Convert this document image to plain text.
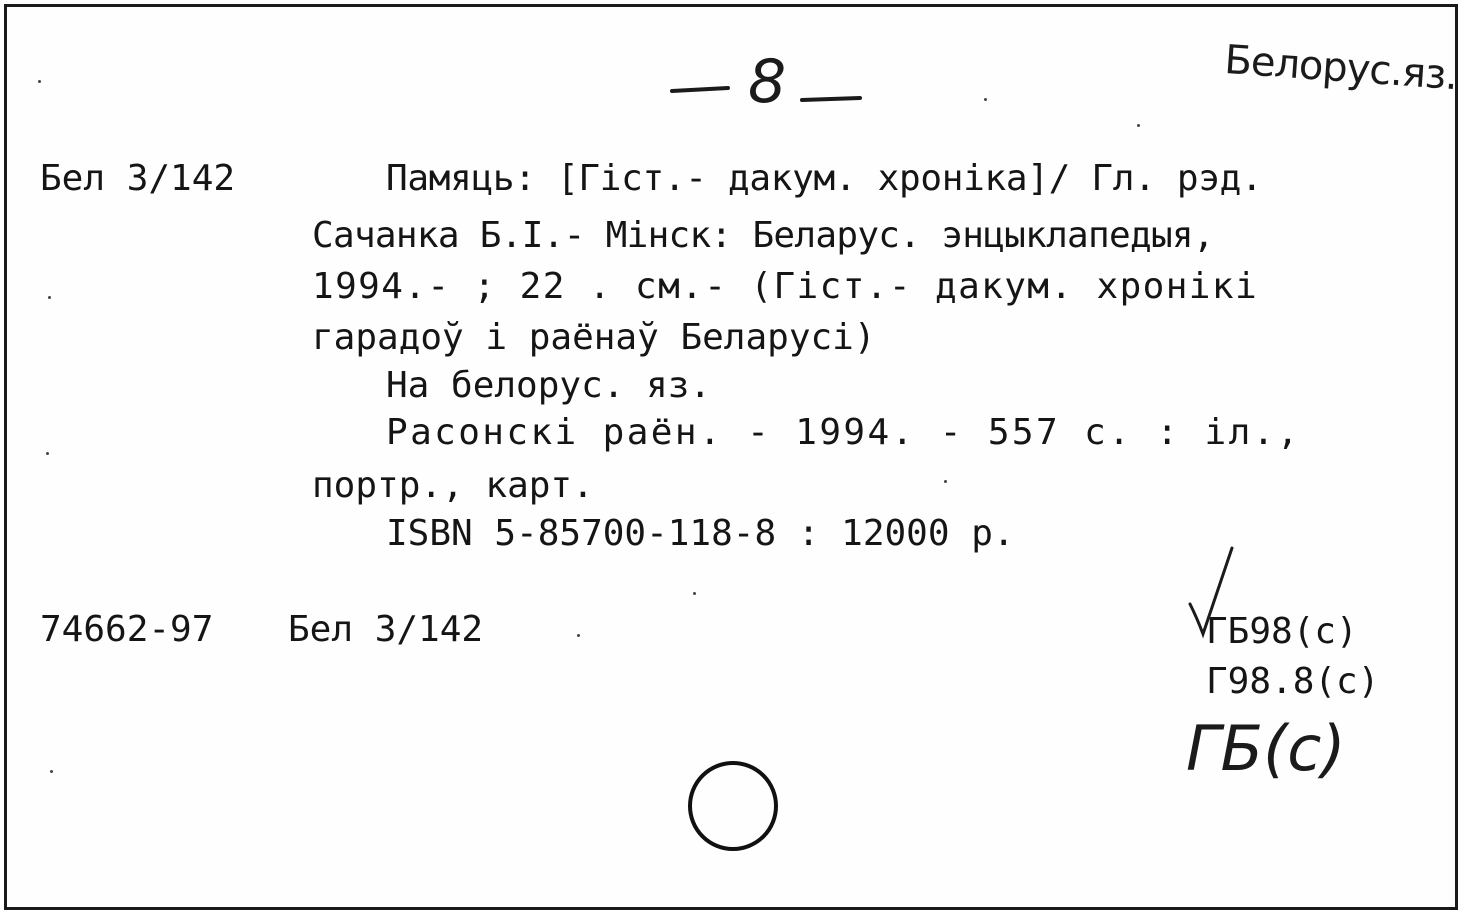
8	Белорус.яз.
Бел 3/142	Памяць: [Гіст.- дакум. хроніка]/ Гл. рэд.
Сачанка Б.І.- Мінск: Беларус. энцыклапедыя,
1994.- ; 22 . см.- (Гіст.- дакум. хронікі
гарадоў і раёнаў Беларусі)
На белорус. яз.
Расонскі раён. - 1994. - 557 с. : іл.,
портр., карт.
ISBN 5-85700-118-8 : 12000 р.
74662-97 Бел 3/142	ГБ98(с)
Г98.8(с)
ГБ(с)
